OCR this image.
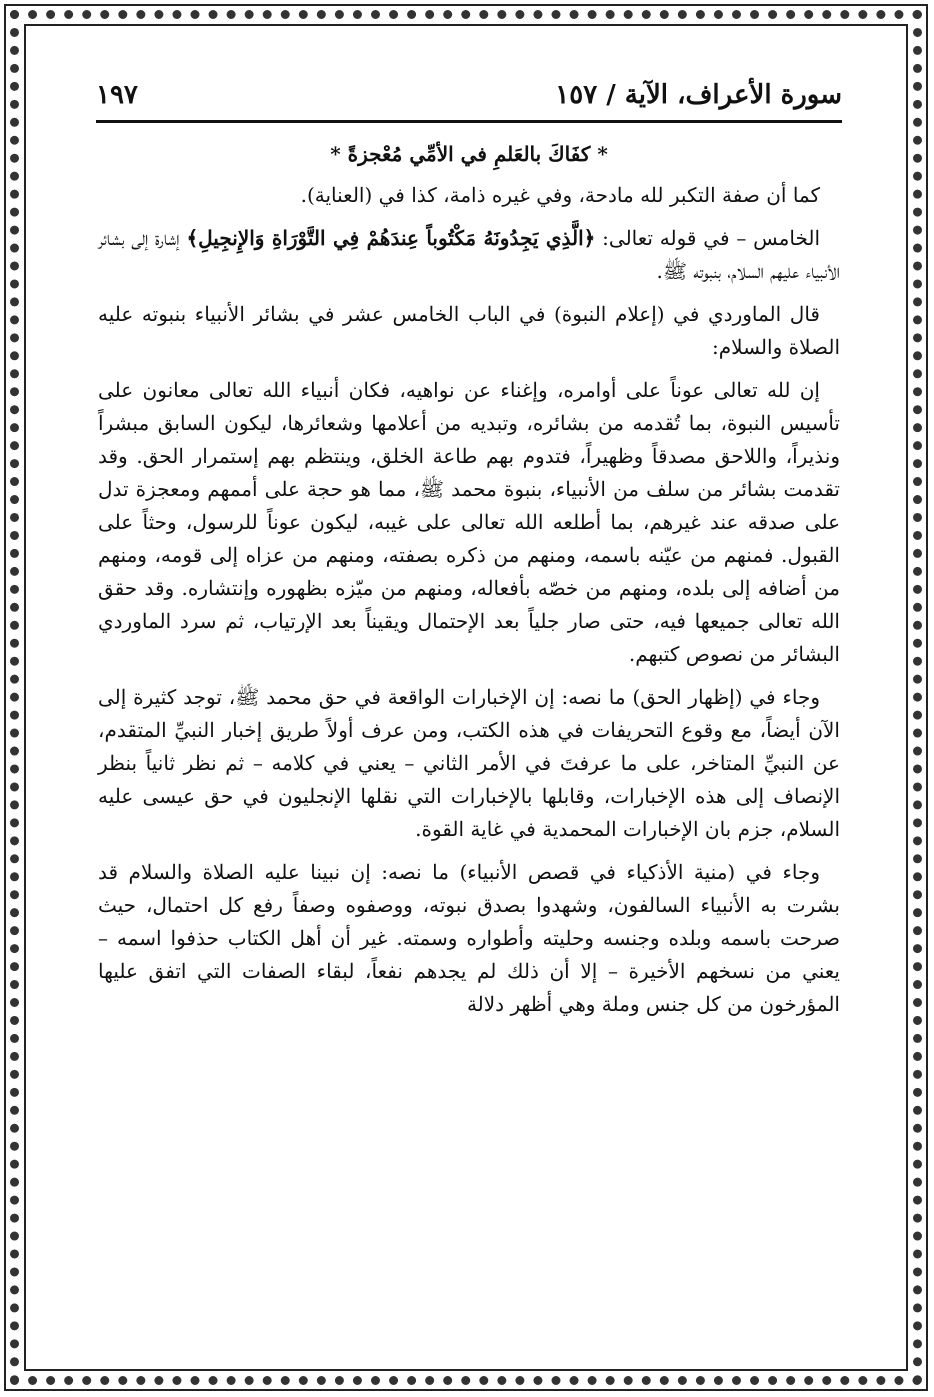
سورة الأعراف، الآية / ١٥٧
١٩٧

* كفَاكَ بالعَلمِ في الأمِّي مُعْجزةً *

كما أن صفة التكبر لله مادحة، وفي غيره ذامة، كذا في (العناية).

الخامس – في قوله تعالى: ﴿الَّذِي يَجِدُونَهُ مَكْتُوباً عِندَهُمْ فِي التَّوْرَاةِ وَالإِنجِيلِ﴾ إشارة إلى بشائر الأنبياء عليهم السلام، بنبوته ﷺ.

قال الماوردي في (إعلام النبوة) في الباب الخامس عشر في بشائر الأنبياء بنبوته عليه الصلاة والسلام:

إن لله تعالى عوناً على أوامره، وإغناء عن نواهيه، فكان أنبياء الله تعالى معانون على تأسيس النبوة، بما تُقدمه من بشائره، وتبديه من أعلامها وشعائرها، ليكون السابق مبشراً ونذيراً، واللاحق مصدقاً وظهيراً، فتدوم بهم طاعة الخلق، وينتظم بهم إستمرار الحق. وقد تقدمت بشائر من سلف من الأنبياء، بنبوة محمد ﷺ، مما هو حجة على أممهم ومعجزة تدل على صدقه عند غيرهم، بما أطلعه الله تعالى على غيبه، ليكون عوناً للرسول، وحثاً على القبول. فمنهم من عيّنه باسمه، ومنهم من ذكره بصفته، ومنهم من عزاه إلى قومه، ومنهم من أضافه إلى بلده، ومنهم من خصّه بأفعاله، ومنهم من ميّزه بظهوره وإنتشاره. وقد حقق الله تعالى جميعها فيه، حتى صار جلياً بعد الإحتمال ويقيناً بعد الإرتياب، ثم سرد الماوردي البشائر من نصوص كتبهم.

وجاء في (إظهار الحق) ما نصه: إن الإخبارات الواقعة في حق محمد ﷺ، توجد كثيرة إلى الآن أيضاً، مع وقوع التحريفات في هذه الكتب، ومن عرف أولاً طريق إخبار النبيِّ المتقدم، عن النبيِّ المتاخر، على ما عرفتَ في الأمر الثاني – يعني في كلامه – ثم نظر ثانياً بنظر الإنصاف إلى هذه الإخبارات، وقابلها بالإخبارات التي نقلها الإنجليون في حق عيسى عليه السلام، جزم بان الإخبارات المحمدية في غاية القوة.

وجاء في (منية الأذكياء في قصص الأنبياء) ما نصه: إن نبينا عليه الصلاة والسلام قد بشرت به الأنبياء السالفون، وشهدوا بصدق نبوته، ووصفوه وصفاً رفع كل احتمال، حيث صرحت باسمه وبلده وجنسه وحليته وأطواره وسمته. غير أن أهل الكتاب حذفوا اسمه – يعني من نسخهم الأخيرة – إلا أن ذلك لم يجدهم نفعاً، لبقاء الصفات التي اتفق عليها المؤرخون من كل جنس وملة وهي أظهر دلالة
